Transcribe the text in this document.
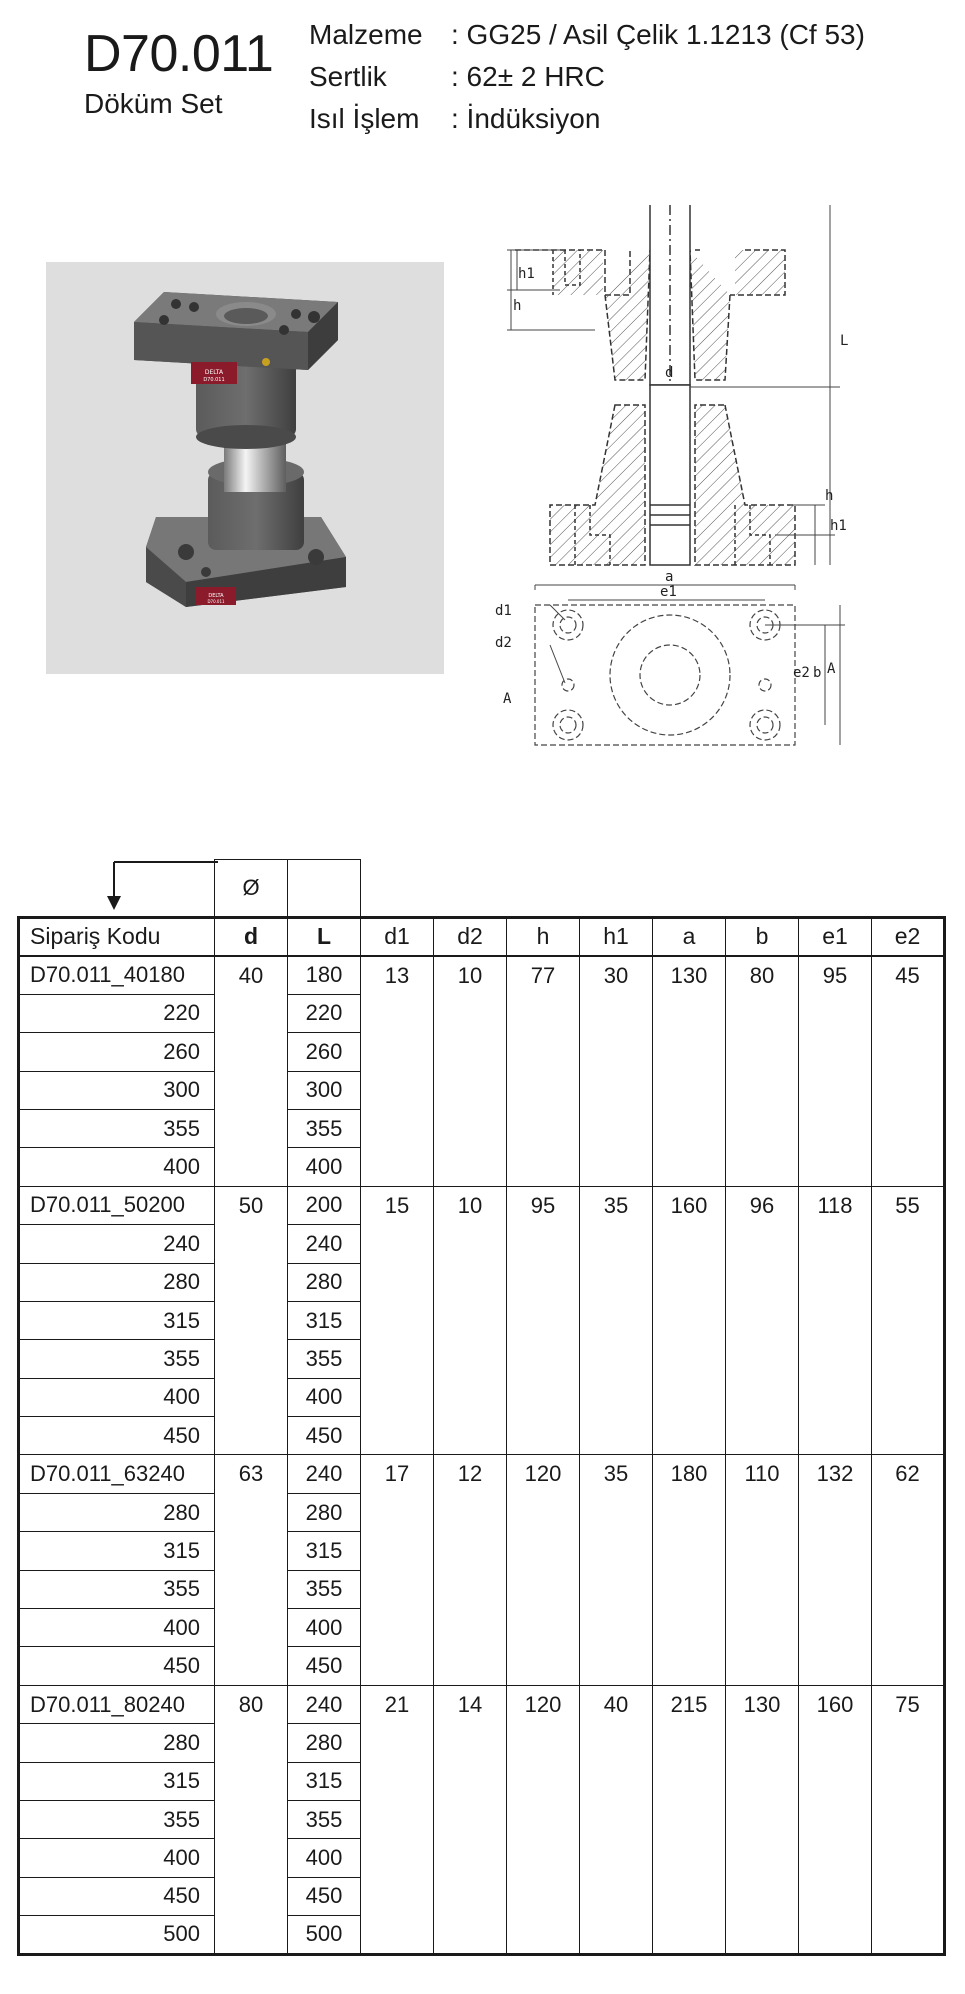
D70.011
Döküm Set
Malzeme	: GG25 / Asil Çelik 1.1213 (Cf 53)
Sertlik	: 62± 2 HRC
Isıl İşlem	: İndüksiyon
DELTA
D70.011
DELTA
D70.011
h1
h
L
d
h
h1
a
e1
d1
d2
A
e2 b A
	Ø									
Sipariş Kodu	d	L	d1	d2	h	h1	a	b	e1	e2
D70.011_40180	40	180	13	10	77	30	130	80	95	45
220		220								
260		260								
300		300								
355		355								
400		400								
D70.011_50200	50	200	15	10	95	35	160	96	118	55
240		240								
280		280								
315		315								
355		355								
400		400								
450		450								
D70.011_63240	63	240	17	12	120	35	180	110	132	62
280		280								
315		315								
355		355								
400		400								
450		450								
D70.011_80240	80	240	21	14	120	40	215	130	160	75
280		280								
315		315								
355		355								
400		400								
450		450								
500		500								
